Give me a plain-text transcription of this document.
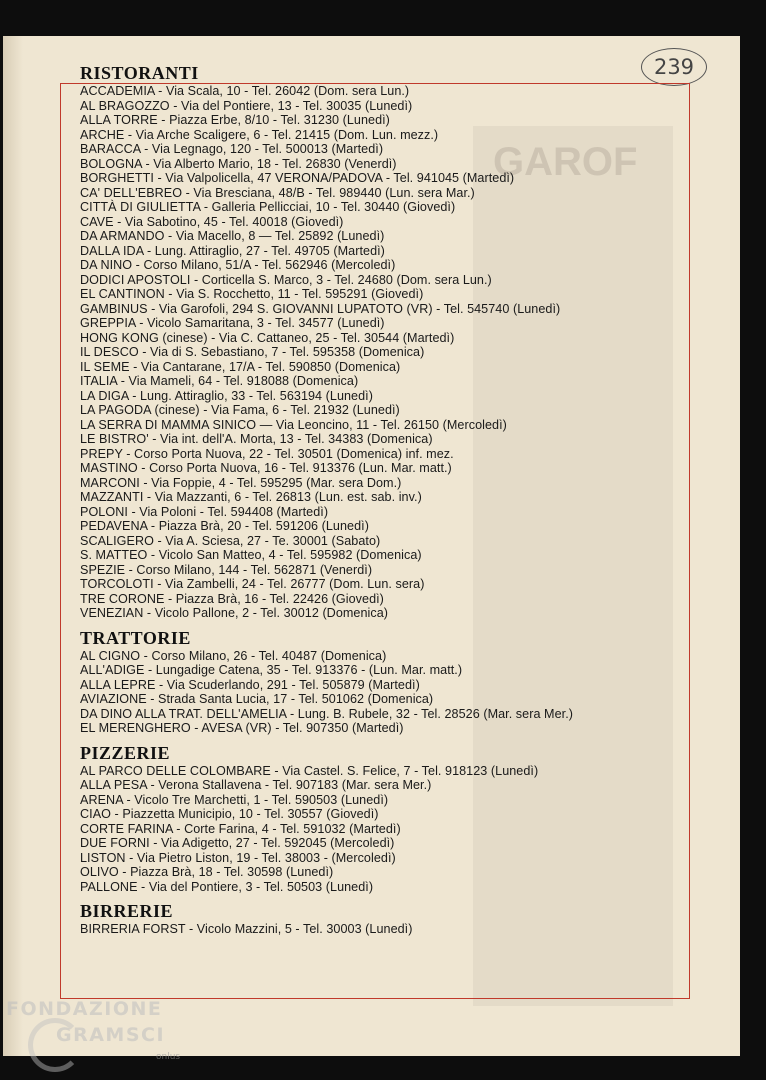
GAROF
239
RISTORANTI
ACCADEMIA - Via Scala, 10 - Tel. 26042 (Dom. sera Lun.)
AL BRAGOZZO - Via del Pontiere, 13 - Tel. 30035 (Lunedì)
ALLA TORRE - Piazza Erbe, 8/10 - Tel. 31230 (Lunedì)
ARCHE - Via Arche Scaligere, 6 - Tel. 21415 (Dom. Lun. mezz.)
BARACCA - Via Legnago, 120 - Tel. 500013 (Martedì)
BOLOGNA - Via Alberto Mario, 18 - Tel. 26830 (Venerdì)
BORGHETTI - Via Valpolicella, 47 VERONA/PADOVA - Tel. 941045 (Martedì)
CA' DELL'EBREO - Via Bresciana, 48/B - Tel. 989440 (Lun. sera Mar.)
CITTÀ DI GIULIETTA - Galleria Pellicciai, 10 - Tel. 30440 (Giovedì)
CAVE - Via Sabotino, 45 - Tel. 40018 (Giovedì)
DA ARMANDO - Via Macello, 8 — Tel. 25892 (Lunedì)
DALLA IDA - Lung. Attiraglio, 27 - Tel. 49705 (Martedì)
DA NINO - Corso Milano, 51/A - Tel. 562946 (Mercoledì)
DODICI APOSTOLI - Corticella S. Marco, 3 - Tel. 24680 (Dom. sera Lun.)
EL CANTINON - Via S. Rocchetto, 11 - Tel. 595291 (Giovedì)
GAMBINUS - Via Garofoli, 294 S. GIOVANNI LUPATOTO (VR) - Tel. 545740 (Lunedì)
GREPPIA - Vicolo Samaritana, 3 - Tel. 34577 (Lunedì)
HONG KONG (cinese) - Via C. Cattaneo, 25 - Tel. 30544 (Martedì)
IL DESCO - Via di S. Sebastiano, 7 - Tel. 595358 (Domenica)
IL SEME - Via Cantarane, 17/A - Tel. 590850 (Domenica)
ITALIA - Via Mameli, 64 - Tel. 918088 (Domenica)
LA DIGA - Lung. Attiraglio, 33 - Tel. 563194 (Lunedì)
LA PAGODA (cinese) - Via Fama, 6 - Tel. 21932 (Lunedì)
LA SERRA DI MAMMA SINICO — Via Leoncino, 11 - Tel. 26150 (Mercoledì)
LE BISTRO' - Via int. dell'A. Morta, 13 - Tel. 34383 (Domenica)
PREPY - Corso Porta Nuova, 22 - Tel. 30501 (Domenica) inf. mez.
MASTINO - Corso Porta Nuova, 16 - Tel. 913376 (Lun. Mar. matt.)
MARCONI - Via Foppie, 4 - Tel. 595295 (Mar. sera Dom.)
MAZZANTI - Via Mazzanti, 6 - Tel. 26813 (Lun. est. sab. inv.)
POLONI - Via Poloni - Tel. 594408 (Martedì)
PEDAVENA - Piazza Brà, 20 - Tel. 591206 (Lunedì)
SCALIGERO - Via A. Sciesa, 27 - Te. 30001 (Sabato)
S. MATTEO - Vicolo San Matteo, 4 - Tel. 595982 (Domenica)
SPEZIE - Corso Milano, 144 - Tel. 562871 (Venerdì)
TORCOLOTI - Via Zambelli, 24 - Tel. 26777 (Dom. Lun. sera)
TRE CORONE - Piazza Brà, 16 - Tel. 22426 (Giovedì)
VENEZIAN - Vicolo Pallone, 2 - Tel. 30012 (Domenica)
TRATTORIE
AL CIGNO - Corso Milano, 26 - Tel. 40487 (Domenica)
ALL'ADIGE - Lungadige Catena, 35 - Tel. 913376 - (Lun. Mar. matt.)
ALLA LEPRE - Via Scuderlando, 291 - Tel. 505879 (Martedì)
AVIAZIONE - Strada Santa Lucia, 17 - Tel. 501062 (Domenica)
DA DINO ALLA TRAT. DELL'AMELIA - Lung. B. Rubele, 32 - Tel. 28526 (Mar. sera Mer.)
EL MERENGHERO - AVESA (VR) - Tel. 907350 (Martedì)
PIZZERIE
AL PARCO DELLE COLOMBARE - Via Castel. S. Felice, 7 - Tel. 918123 (Lunedì)
ALLA PESA - Verona Stallavena - Tel. 907183 (Mar. sera Mer.)
ARENA - Vicolo Tre Marchetti, 1 - Tel. 590503 (Lunedì)
CIAO - Piazzetta Municipio, 10 - Tel. 30557 (Giovedì)
CORTE FARINA - Corte Farina, 4 - Tel. 591032 (Martedì)
DUE FORNI - Via Adigetto, 27 - Tel. 592045 (Mercoledì)
LISTON - Via Pietro Liston, 19 - Tel. 38003 - (Mercoledì)
OLIVO - Piazza Brà, 18 - Tel. 30598 (Lunedì)
PALLONE - Via del Pontiere, 3 - Tel. 50503 (Lunedì)
BIRRERIE
BIRRERIA FORST - Vicolo Mazzini, 5 - Tel. 30003 (Lunedì)
FONDAZIONE
GRAMSCI
onlus
